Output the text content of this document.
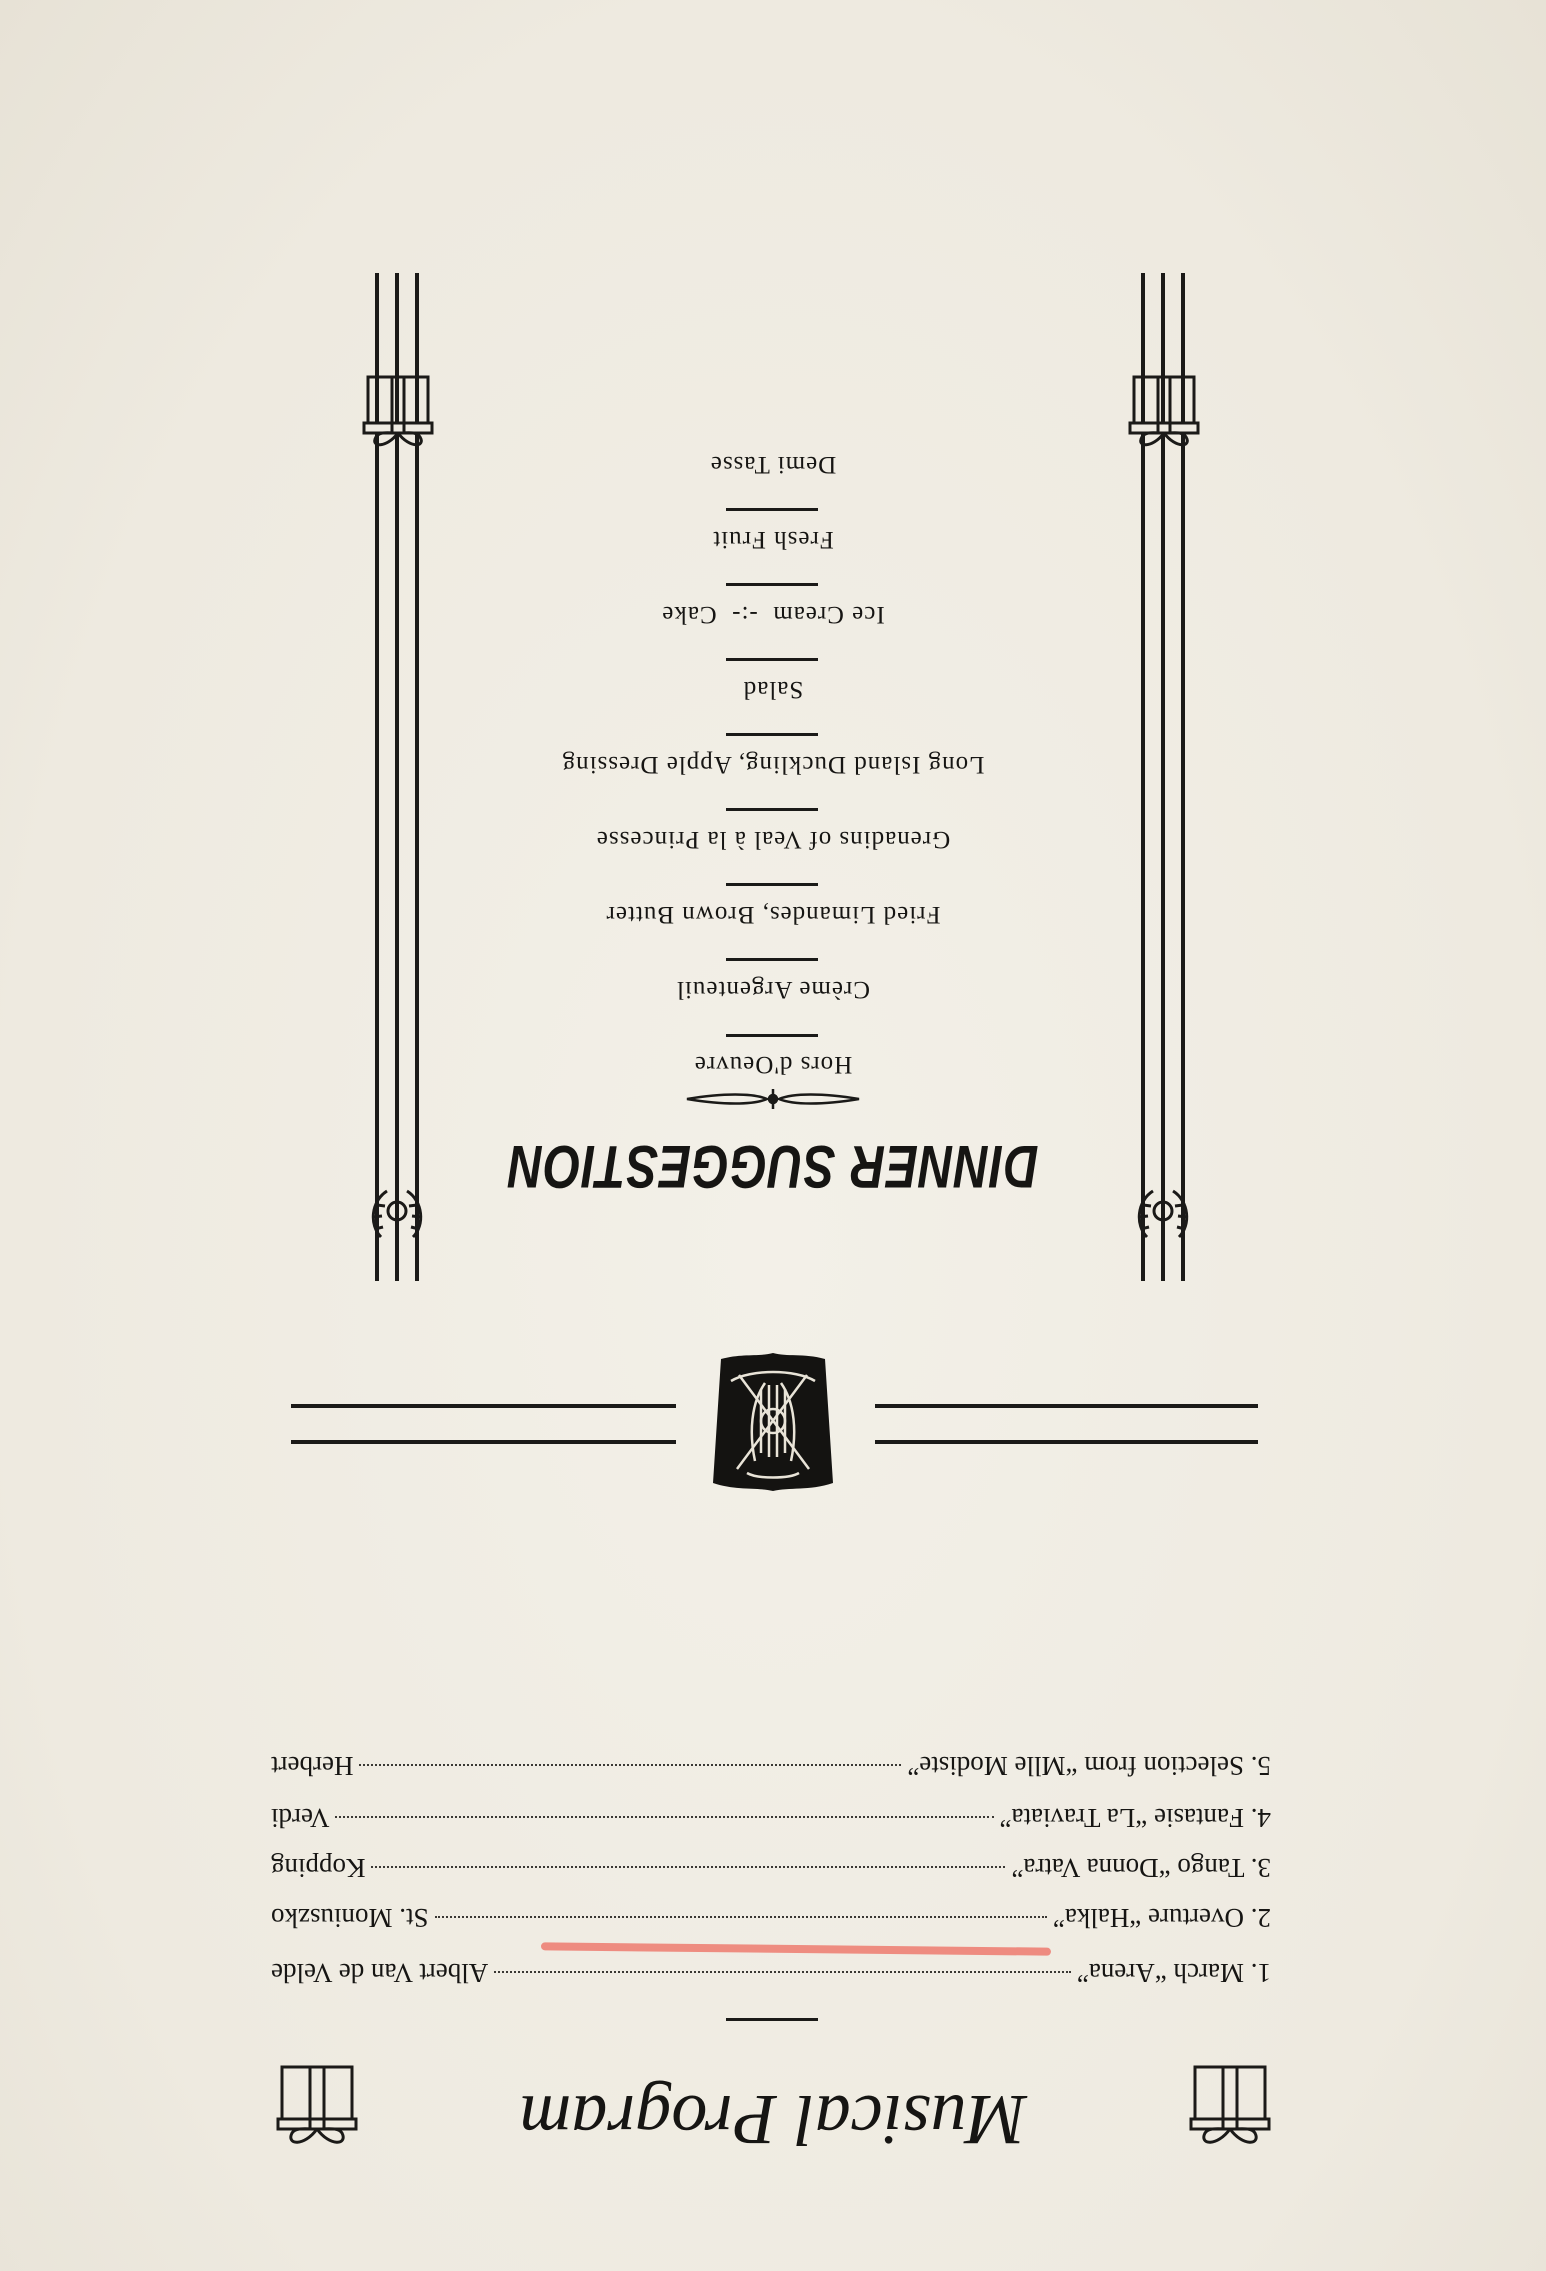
Musical Program
1. March “Arena”
Albert Van de Velde
2. Overture “Halka”
St. Moniuszko
3. Tango “Donna Vatra”
Kopping
4. Fantasie “La Traviata”
Verdi
5. Selection from “Mlle Modiste”
Herbert
DINNER SUGGESTION
Hors d'Oeuvre
Crème Argenteuil
Fried Limandes, Brown Butter
Grenadins of Veal à la Princesse
Long Island Duckling, Apple Dressing
Salad
Ice Cream  -:-  Cake
Fresh Fruit
Demi Tasse
